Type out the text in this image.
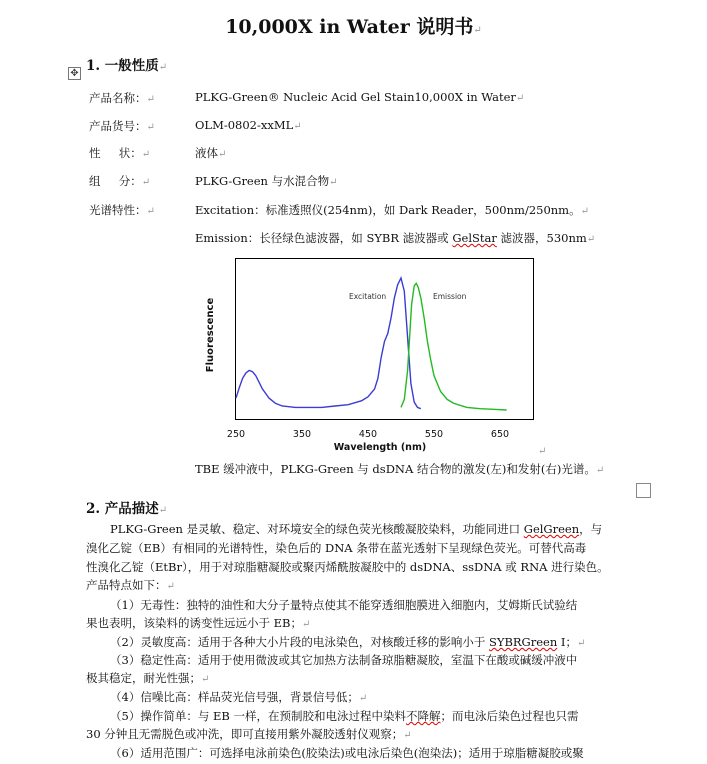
10,000X in Water 说明书↵
✥ 1. 一般性质↵
产品名称：↵	PLKG-Green® Nucleic Acid Gel Stain10,000X in Water↵
产品货号：↵	OLM-0802-xxML↵
性     状：↵	液体↵
组     分：↵	PLKG-Green 与水混合物↵
光谱特性：↵	Excitation：标准透照仪(254nm)，如 Dark Reader，500nm/250nm。↵
Emission：长径绿色滤波器，如 SYBR 滤波器或 GelStar 滤波器，530nm↵
Excitation	Emission
Fluorescence
Wavelength (nm)
250	350	450	550	650
↵
TBE 缓冲液中，PLKG-Green 与 dsDNA 结合物的激发(左)和发射(右)光谱。↵
2. 产品描述↵
PLKG-Green 是灵敏、稳定、对环境安全的绿色荧光核酸凝胶染料，功能同进口 GelGreen，与
溴化乙锭（EB）有相同的光谱特性，染色后的 DNA 条带在蓝光透射下呈现绿色荧光。可替代高毒
性溴化乙锭（EtBr），用于对琼脂糖凝胶或聚丙烯酰胺凝胶中的 dsDNA、ssDNA 或 RNA 进行染色。
产品特点如下：↵
（1）无毒性：独特的油性和大分子量特点使其不能穿透细胞膜进入细胞内，艾姆斯氏试验结
果也表明，该染料的诱变性远远小于 EB；↵
（2）灵敏度高：适用于各种大小片段的电泳染色，对核酸迁移的影响小于 SYBRGreen I；↵
（3）稳定性高：适用于使用微波或其它加热方法制备琼脂糖凝胶，室温下在酸或碱缓冲液中
极其稳定，耐光性强；↵
（4）信噪比高：样品荧光信号强，背景信号低；↵
（5）操作简单：与 EB 一样，在预制胶和电泳过程中染料不降解；而电泳后染色过程也只需
30 分钟且无需脱色或冲洗，即可直接用紫外凝胶透射仪观察；↵
（6）适用范围广：可选择电泳前染色(胶染法)或电泳后染色(泡染法)；适用于琼脂糖凝胶或聚
